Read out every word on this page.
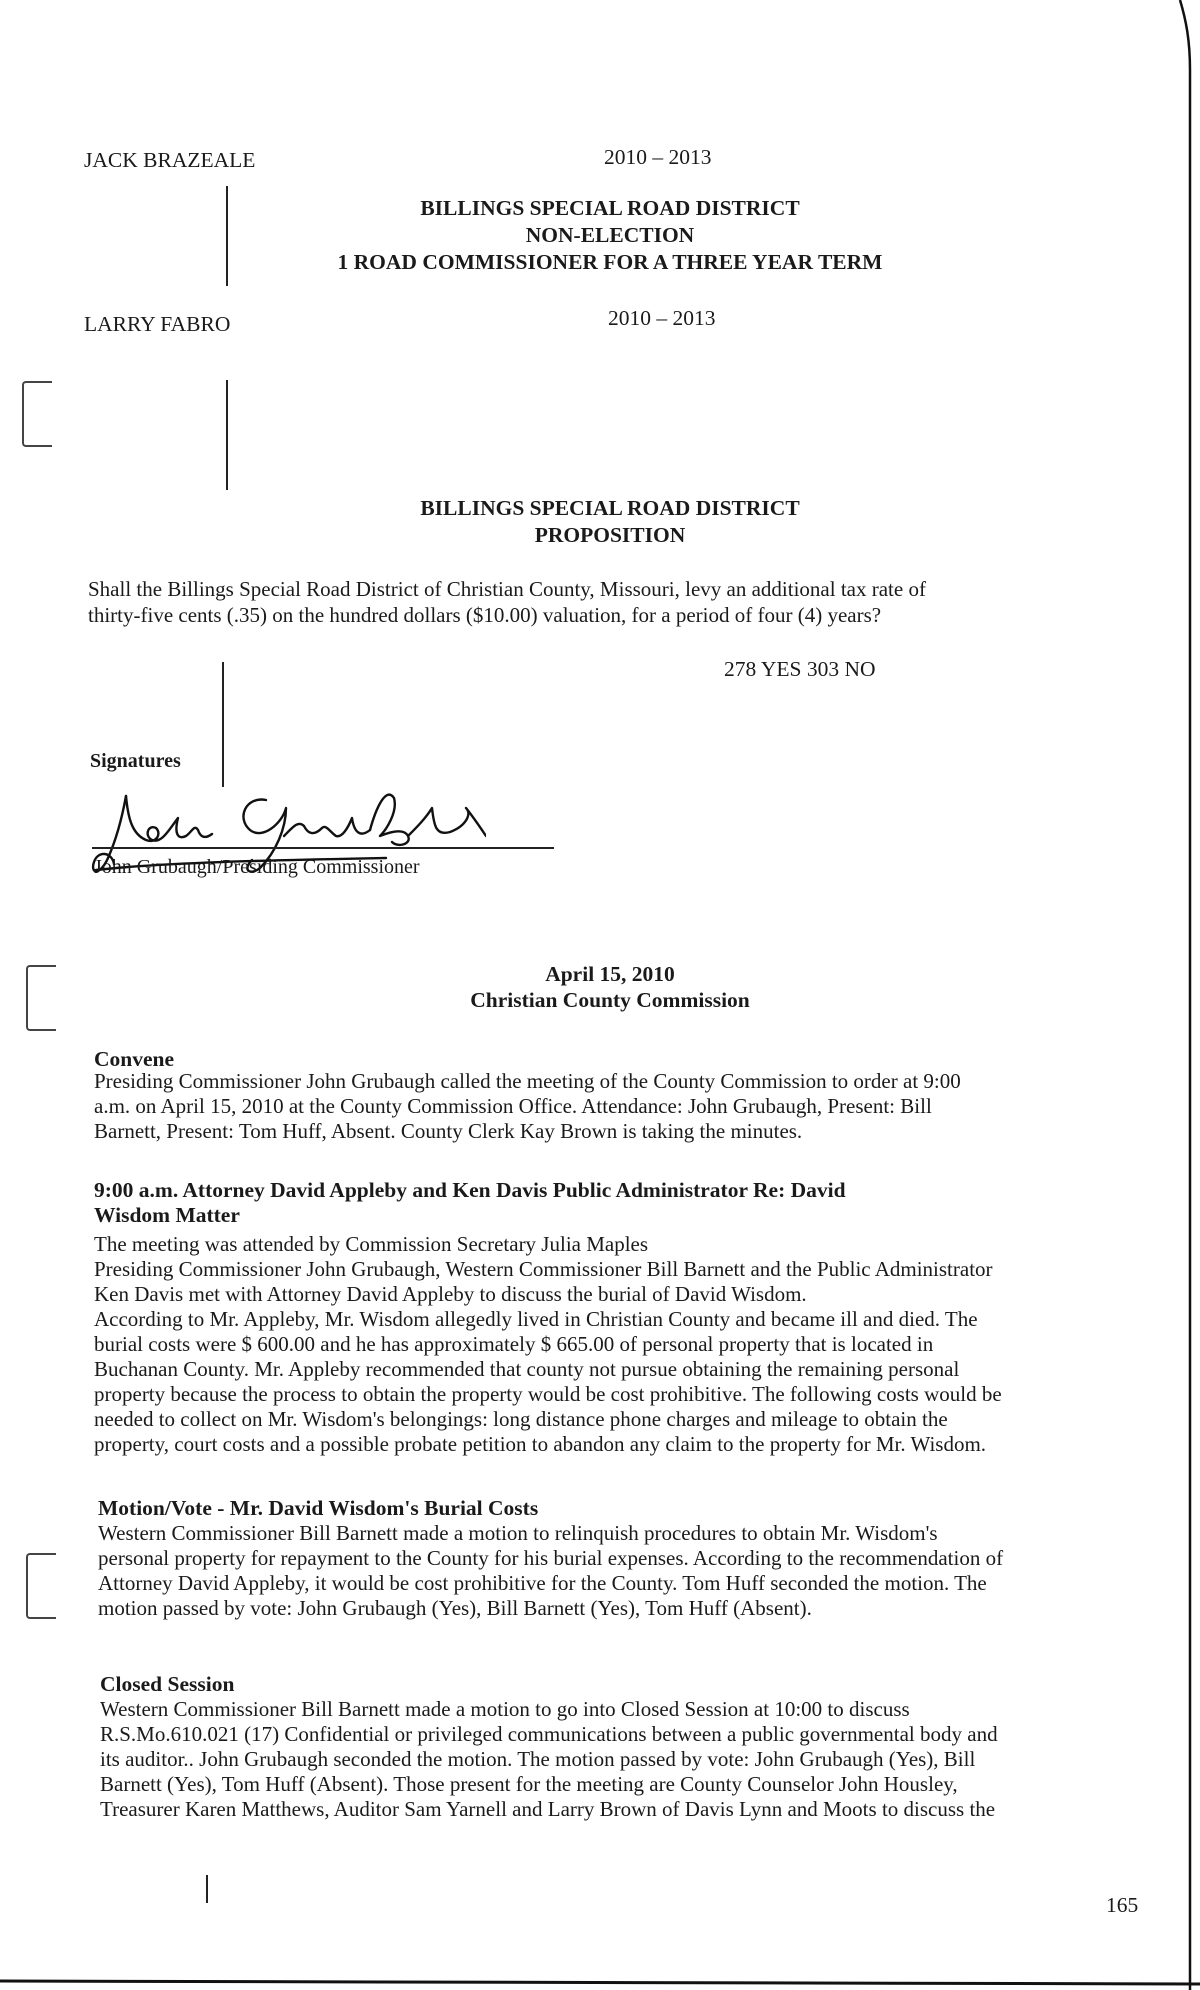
JACK BRAZEALE	2010 – 2013
LARRY FABRO	2010 – 2013
BILLINGS SPECIAL ROAD DISTRICT
NON-ELECTION
1 ROAD COMMISSIONER FOR A THREE YEAR TERM
BILLINGS SPECIAL ROAD DISTRICT
PROPOSITION
Shall the Billings Special Road District of Christian County, Missouri, levy an additional tax rate of
thirty-five cents (.35) on the hundred dollars ($10.00) valuation, for a period of four (4) years?
278 YES 303 NO
Signatures
John Grubaugh/Presiding Commissioner
April 15, 2010
Christian County Commission
Convene
Presiding Commissioner John Grubaugh called the meeting of the County Commission to order at 9:00
a.m. on April 15, 2010 at the County Commission Office. Attendance: John Grubaugh, Present: Bill
Barnett, Present: Tom Huff, Absent. County Clerk Kay Brown is taking the minutes.
9:00 a.m. Attorney David Appleby and Ken Davis Public Administrator Re: David
Wisdom Matter
The meeting was attended by Commission Secretary Julia Maples
Presiding Commissioner John Grubaugh, Western Commissioner Bill Barnett and the Public Administrator
Ken Davis met with Attorney David Appleby to discuss the burial of David Wisdom.
According to Mr. Appleby, Mr. Wisdom allegedly lived in Christian County and became ill and died. The
burial costs were $ 600.00 and he has approximately $ 665.00 of personal property that is located in
Buchanan County. Mr. Appleby recommended that county not pursue obtaining the remaining personal
property because the process to obtain the property would be cost prohibitive. The following costs would be
needed to collect on Mr. Wisdom's belongings: long distance phone charges and mileage to obtain the
property, court costs and a possible probate petition to abandon any claim to the property for Mr. Wisdom.
Motion/Vote - Mr. David Wisdom's Burial Costs
Western Commissioner Bill Barnett made a motion to relinquish procedures to obtain Mr. Wisdom's
personal property for repayment to the County for his burial expenses. According to the recommendation of
Attorney David Appleby, it would be cost prohibitive for the County. Tom Huff seconded the motion. The
motion passed by vote: John Grubaugh (Yes), Bill Barnett (Yes), Tom Huff (Absent).
Closed Session
Western Commissioner Bill Barnett made a motion to go into Closed Session at 10:00 to discuss
R.S.Mo.610.021 (17) Confidential or privileged communications between a public governmental body and
its auditor.. John Grubaugh seconded the motion. The motion passed by vote: John Grubaugh (Yes), Bill
Barnett (Yes), Tom Huff (Absent). Those present for the meeting are County Counselor John Housley,
Treasurer Karen Matthews, Auditor Sam Yarnell and Larry Brown of Davis Lynn and Moots to discuss the
165
